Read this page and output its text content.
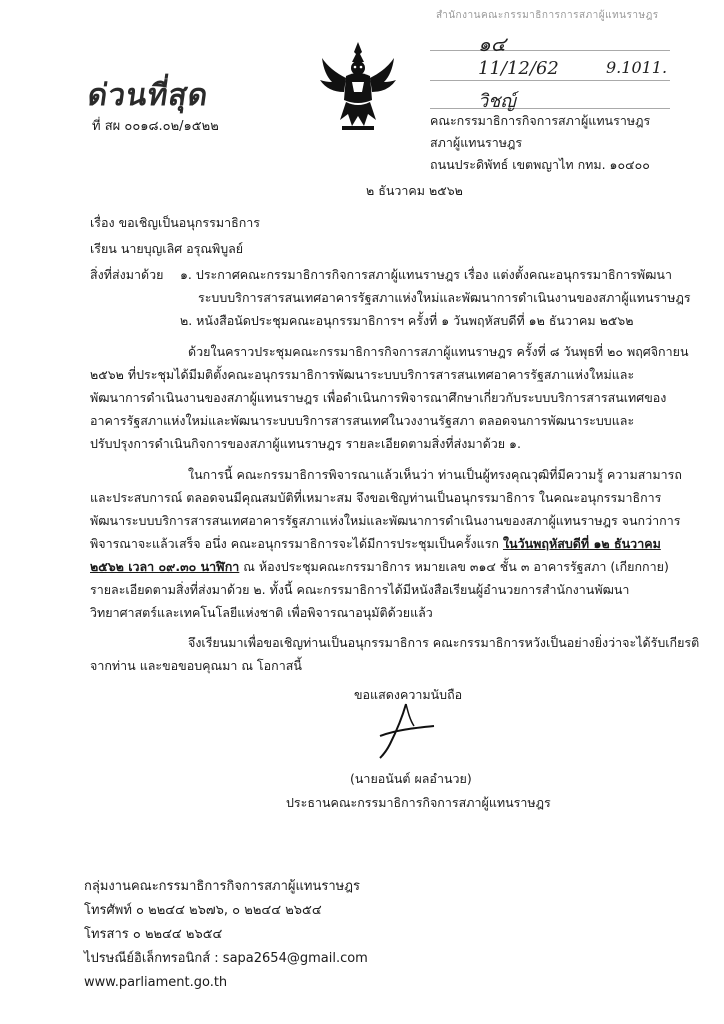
สำนักงานคณะกรรมาธิการการสภาผู้แทนราษฎร
๑๔
11/12/62	9.1011.
วิชญ์
ด่วนที่สุด
ที่ สผ ๐๐๑๘.๐๒/๑๕๒๒	คณะกรรมาธิการกิจการสภาผู้แทนราษฎร
สภาผู้แทนราษฎร
ถนนประดิพัทธ์ เขตพญาไท กทม. ๑๐๔๐๐
๒ ธันวาคม ๒๕๖๒
เรื่อง ขอเชิญเป็นอนุกรรมาธิการ
เรียน นายบุญเลิศ อรุณพิบูลย์
สิ่งที่ส่งมาด้วย ๑. ประกาศคณะกรรมาธิการกิจการสภาผู้แทนราษฎร เรื่อง แต่งตั้งคณะอนุกรรมาธิการพัฒนา
ระบบบริการสารสนเทศอาคารรัฐสภาแห่งใหม่และพัฒนาการดำเนินงานของสภาผู้แทนราษฎร
๒. หนังสือนัดประชุมคณะอนุกรรมาธิการฯ ครั้งที่ ๑ วันพฤหัสบดีที่ ๑๒ ธันวาคม ๒๕๖๒
ด้วยในคราวประชุมคณะกรรมาธิการกิจการสภาผู้แทนราษฎร ครั้งที่ ๘ วันพุธที่ ๒๐ พฤศจิกายน
๒๕๖๒ ที่ประชุมได้มีมติตั้งคณะอนุกรรมาธิการพัฒนาระบบบริการสารสนเทศอาคารรัฐสภาแห่งใหม่และ
พัฒนาการดำเนินงานของสภาผู้แทนราษฎร เพื่อดำเนินการพิจารณาศึกษาเกี่ยวกับระบบบริการสารสนเทศของ
อาคารรัฐสภาแห่งใหม่และพัฒนาระบบบริการสารสนเทศในวงงานรัฐสภา ตลอดจนการพัฒนาระบบและ
ปรับปรุงการดำเนินกิจการของสภาผู้แทนราษฎร รายละเอียดตามสิ่งที่ส่งมาด้วย ๑.
ในการนี้ คณะกรรมาธิการพิจารณาแล้วเห็นว่า ท่านเป็นผู้ทรงคุณวุฒิที่มีความรู้ ความสามารถ
และประสบการณ์ ตลอดจนมีคุณสมบัติที่เหมาะสม จึงขอเชิญท่านเป็นอนุกรรมาธิการ ในคณะอนุกรรมาธิการ
พัฒนาระบบบริการสารสนเทศอาคารรัฐสภาแห่งใหม่และพัฒนาการดำเนินงานของสภาผู้แทนราษฎร จนกว่าการ
พิจารณาจะแล้วเสร็จ อนึ่ง คณะอนุกรรมาธิการจะได้มีการประชุมเป็นครั้งแรก ในวันพฤหัสบดีที่ ๑๒ ธันวาคม
๒๕๖๒ เวลา ๐๙.๓๐ นาฬิกา ณ ห้องประชุมคณะกรรมาธิการ หมายเลข ๓๑๔ ชั้น ๓ อาคารรัฐสภา (เกียกกาย)
รายละเอียดตามสิ่งที่ส่งมาด้วย ๒. ทั้งนี้ คณะกรรมาธิการได้มีหนังสือเรียนผู้อำนวยการสำนักงานพัฒนา
วิทยาศาสตร์และเทคโนโลยีแห่งชาติ เพื่อพิจารณาอนุมัติด้วยแล้ว
จึงเรียนมาเพื่อขอเชิญท่านเป็นอนุกรรมาธิการ คณะกรรมาธิการหวังเป็นอย่างยิ่งว่าจะได้รับเกียรติ
จากท่าน และขอขอบคุณมา ณ โอกาสนี้
ขอแสดงความนับถือ
(นายอนันต์ ผลอำนวย)
ประธานคณะกรรมาธิการกิจการสภาผู้แทนราษฎร
กลุ่มงานคณะกรรมาธิการกิจการสภาผู้แทนราษฎร
โทรศัพท์ ๐ ๒๒๔๔ ๒๖๗๖, ๐ ๒๒๔๔ ๒๖๕๔
โทรสาร ๐ ๒๒๔๔ ๒๖๕๔
ไปรษณีย์อิเล็กทรอนิกส์ : sapa2654@gmail.com
www.parliament.go.th
